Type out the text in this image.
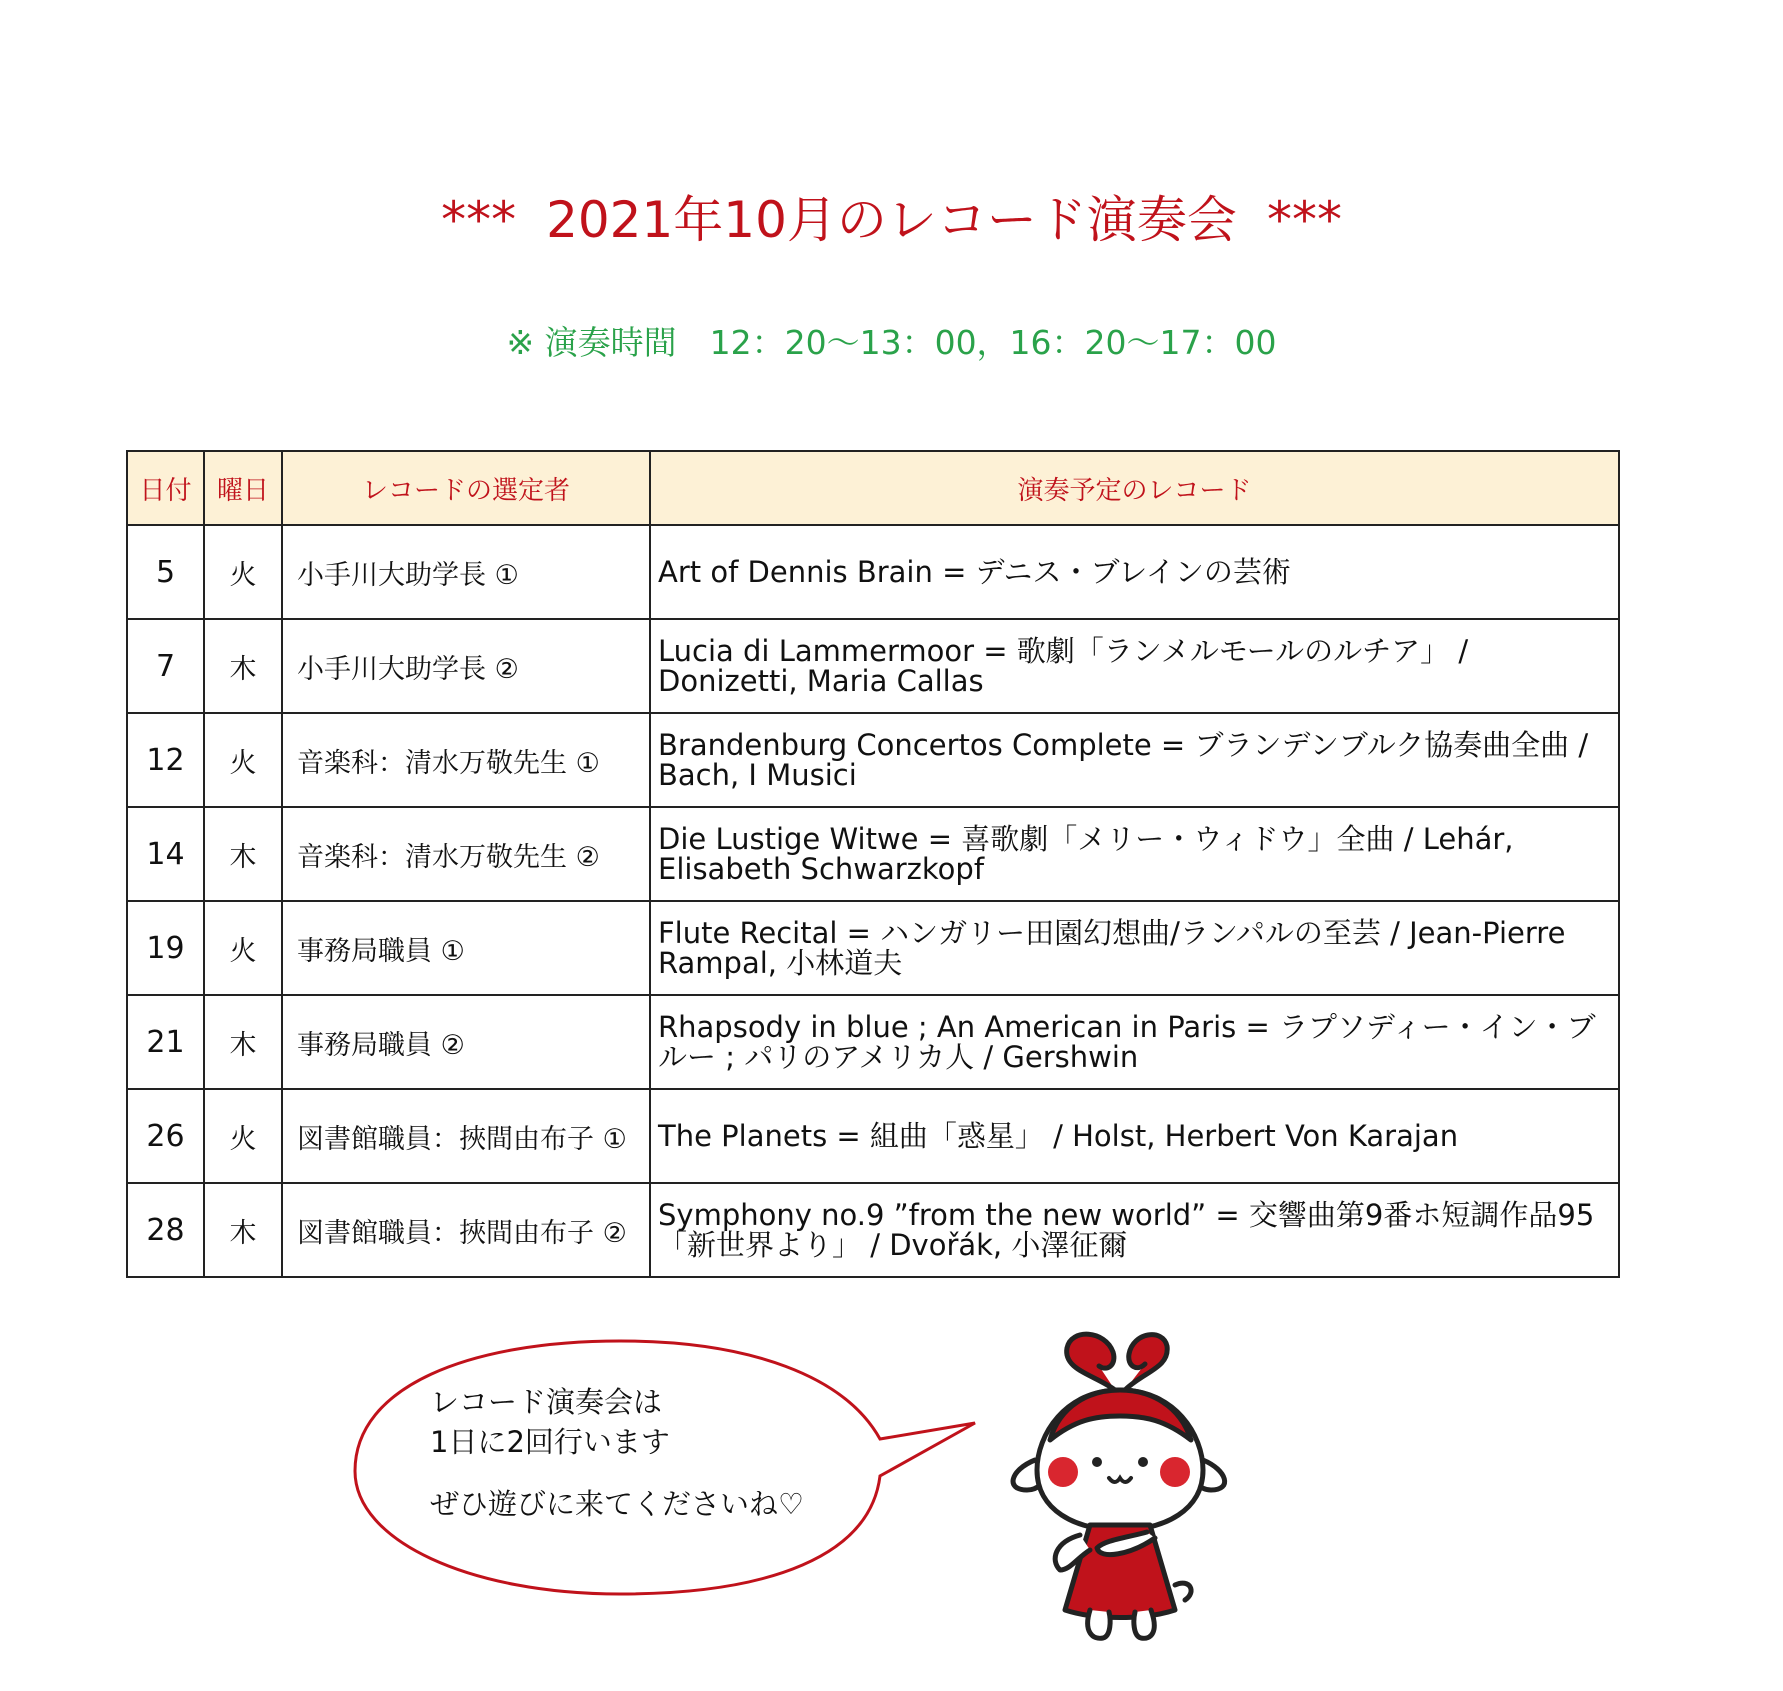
*** 2021年10月のレコード演奏会 ***
※ 演奏時間　12：20～13：00，16：20～17：00
日付	曜日	レコードの選定者	演奏予定のレコード
5	火	小手川大助学長 ①	Art of Dennis Brain = デニス・ブレインの芸術
7	木	小手川大助学長 ②	Lucia di Lammermoor = 歌劇「ランメルモールのルチア」 / Donizetti, Maria Callas
12	火	音楽科：清水万敬先生 ①	Brandenburg Concertos Complete = ブランデンブルク協奏曲全曲 / Bach, I Musici
14	木	音楽科：清水万敬先生 ②	Die Lustige Witwe = 喜歌劇「メリー・ウィドウ」全曲 / Lehár, Elisabeth Schwarzkopf
19	火	事務局職員 ①	Flute Recital = ハンガリー田園幻想曲/ランパルの至芸 / Jean-Pierre Rampal, 小林道夫
21	木	事務局職員 ②	Rhapsody in blue ; An American in Paris = ラプソディー・イン・ブルー ; パリのアメリカ人 / Gershwin
26	火	図書館職員：挾間由布子 ①	The Planets = 組曲「惑星」 / Holst, Herbert Von Karajan
28	木	図書館職員：挾間由布子 ②	Symphony no.9 ”from the new world” = 交響曲第9番ホ短調作品95「新世界より」 / Dvořák, 小澤征爾
レコード演奏会は
1日に2回行います
ぜひ遊びに来てくださいね♡
